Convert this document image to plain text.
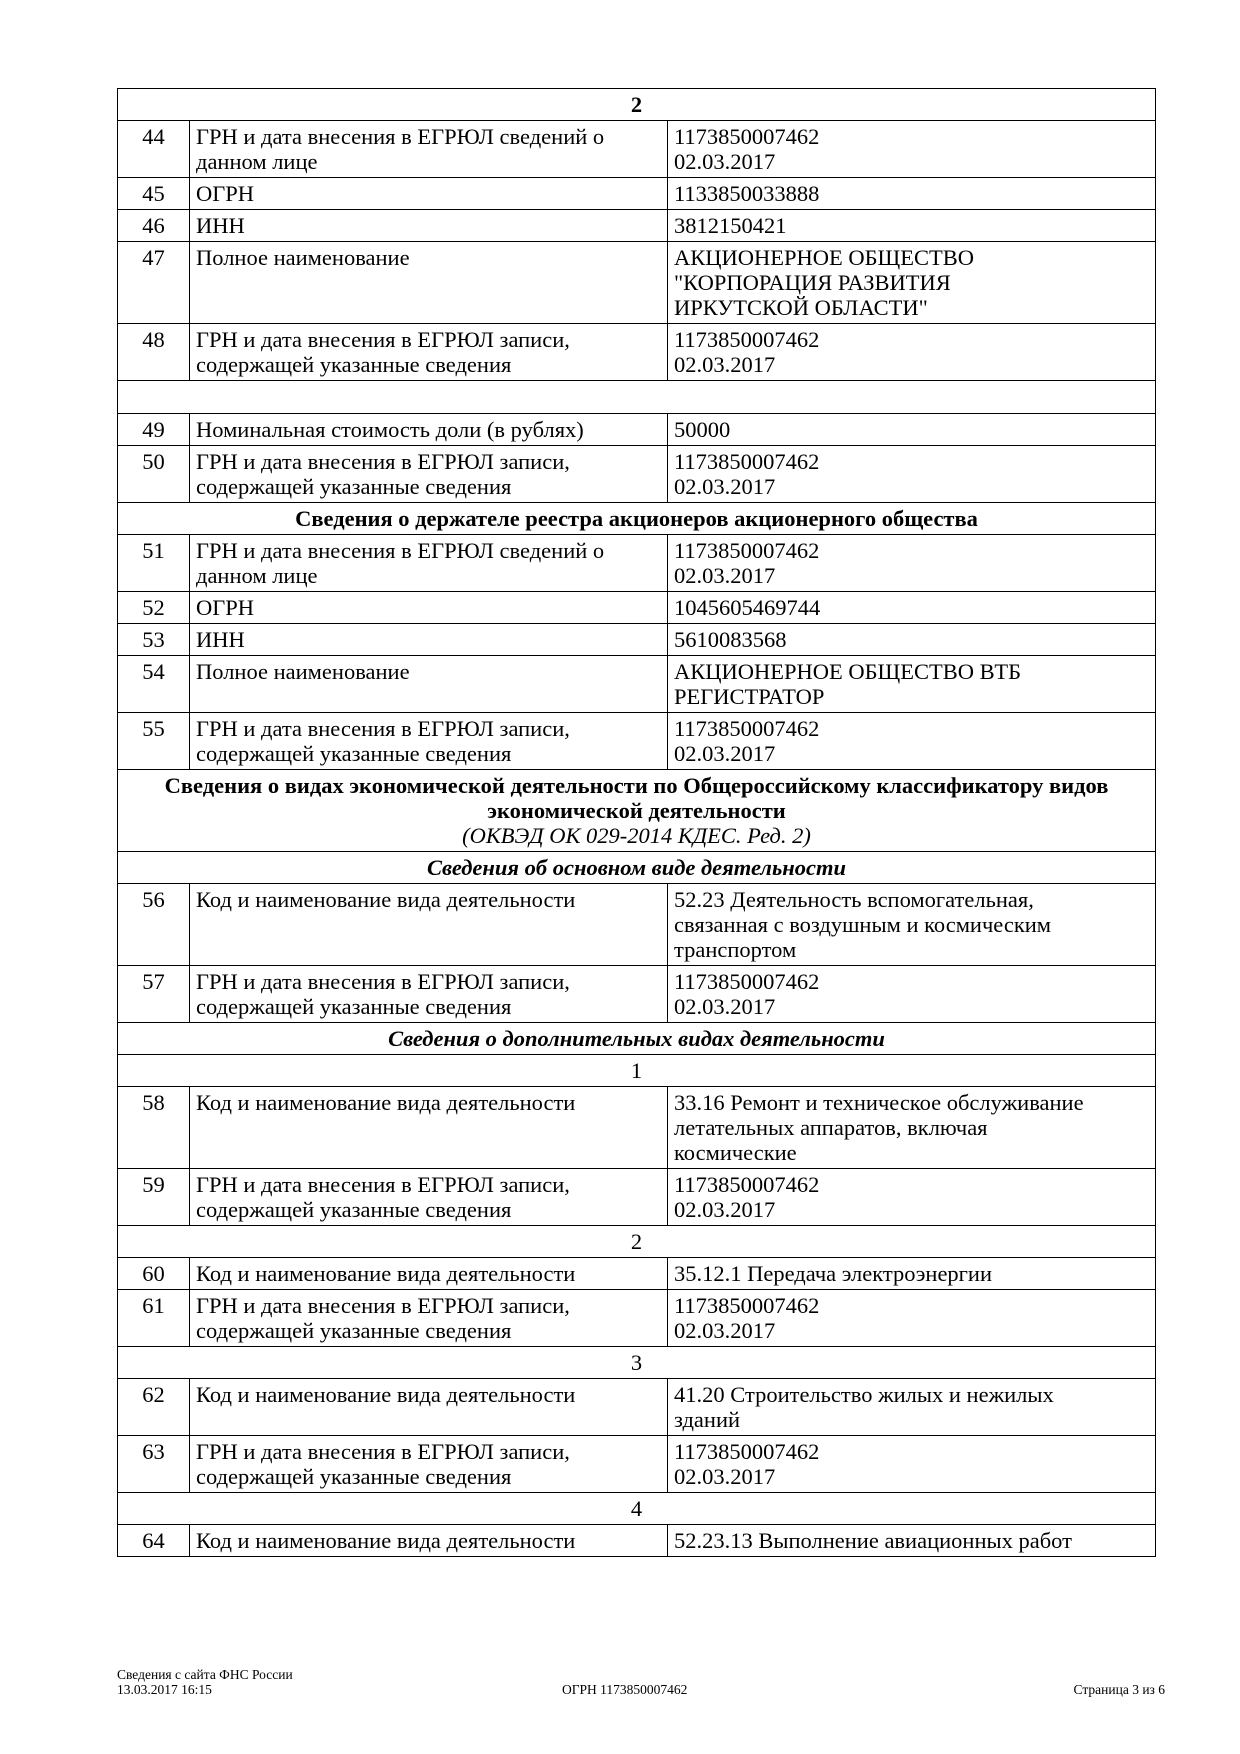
2		
44	ГРН и дата внесения в ЕГРЮЛ сведений о данном лице	1173850007462
02.03.2017
45	ОГРН	1133850033888
46	ИНН	3812150421
47	Полное наименование	АКЦИОНЕРНОЕ ОБЩЕСТВО
"КОРПОРАЦИЯ РАЗВИТИЯ
ИРКУТСКОЙ ОБЛАСТИ"
48	ГРН и дата внесения в ЕГРЮЛ записи, содержащей указанные сведения	1173850007462
02.03.2017

49	Номинальная стоимость доли (в рублях)	50000
50	ГРН и дата внесения в ЕГРЮЛ записи, содержащей указанные сведения	1173850007462
02.03.2017
Сведения о держателе реестра акционеров акционерного общества		
51	ГРН и дата внесения в ЕГРЮЛ сведений о данном лице	1173850007462
02.03.2017
52	ОГРН	1045605469744
53	ИНН	5610083568
54	Полное наименование	АКЦИОНЕРНОЕ ОБЩЕСТВО ВТБ
РЕГИСТРАТОР
55	ГРН и дата внесения в ЕГРЮЛ записи, содержащей указанные сведения	1173850007462
02.03.2017

Сведения о видах экономической деятельности по Общероссийскому классификатору видов экономической деятельности
(ОКВЭД ОК 029-2014 КДЕС. Ред. 2)		

Сведения об основном виде деятельности		
56	Код и наименование вида деятельности	52.23 Деятельность вспомогательная,
связанная с воздушным и космическим
транспортом
57	ГРН и дата внесения в ЕГРЮЛ записи, содержащей указанные сведения	1173850007462
02.03.2017
Сведения о дополнительных видах деятельности		
1		
58	Код и наименование вида деятельности	33.16 Ремонт и техническое обслуживание
летательных аппаратов, включая
космические
59	ГРН и дата внесения в ЕГРЮЛ записи, содержащей указанные сведения	1173850007462
02.03.2017
2		
60	Код и наименование вида деятельности	35.12.1 Передача электроэнергии
61	ГРН и дата внесения в ЕГРЮЛ записи, содержащей указанные сведения	1173850007462
02.03.2017
3		
62	Код и наименование вида деятельности	41.20 Строительство жилых и нежилых
зданий
63	ГРН и дата внесения в ЕГРЮЛ записи, содержащей указанные сведения	1173850007462
02.03.2017
4		
64	Код и наименование вида деятельности	52.23.13 Выполнение авиационных работ
Сведения с сайта ФНС России
13.03.2017 16:15	ОГРН 1173850007462	Страница 3 из 6
